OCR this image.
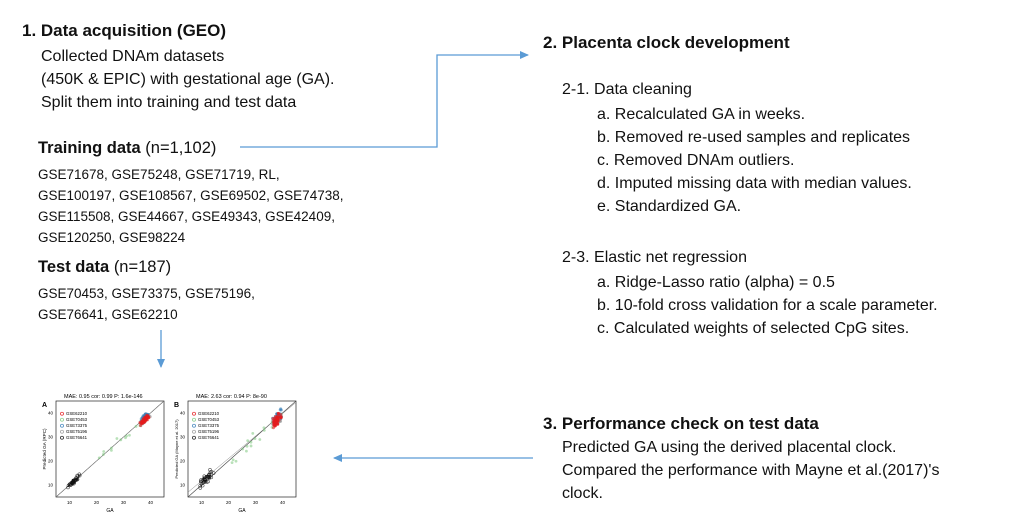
1. Data acquisition (GEO)
Collected DNAm datasets
(450K & EPIC) with gestational age (GA).
Split them into training and test data
Training data (n=1,102)
GSE71678, GSE75248, GSE71719, RL,
GSE100197, GSE108567, GSE69502, GSE74738,
GSE115508, GSE44667, GSE49343, GSE42409,
GSE120250, GSE98224
Test data (n=187)
GSE70453, GSE73375, GSE75196,
GSE76641, GSE62210
2. Placenta clock development
2-1. Data cleaning
a. Recalculated GA in weeks.
b. Removed re-used samples and replicates
c. Removed DNAm outliers.
d. Imputed missing data with median values.
e. Standardized GA.
2-3. Elastic net regression
a. Ridge-Lasso ratio (alpha) = 0.5
b. 10-fold cross validation for a scale parameter.
c. Calculated weights of selected CpG sites.
3. Performance check on test data
Predicted GA using the derived placental clock.
Compared the performance with Mayne et al.(2017)'s
clock.
A
MAE: 0.95 cor: 0.99 P: 1.6e-146
Predicted GA (RPC)
GA
10	20	30	40
10
20
30
40	GSE62210
GSE70453
GSE73375
GSE75196
GSE76641
B
MAE: 2.63 cor: 0.94 P: 8e-90
Predicted GA (Mayne et al. 2017)
GA
10	20	30	40
10
20
30
40	GSE62210
GSE70453
GSE73375
GSE75196
GSE76641
